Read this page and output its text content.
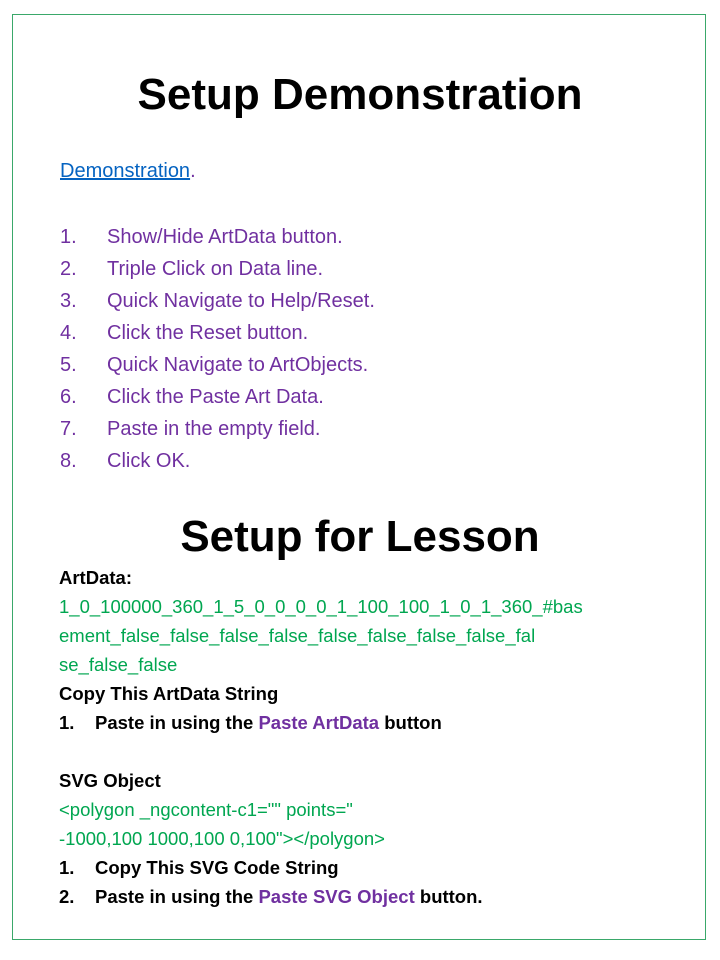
Setup Demonstration
Demonstration.
1. Show/Hide ArtData button.
2. Triple Click on Data line.
3. Quick Navigate to Help/Reset.
4. Click the Reset button.
5. Quick Navigate to ArtObjects.
6. Click the Paste Art Data.
7. Paste in the empty field.
8. Click OK.
Setup for Lesson
ArtData:
1_0_100000_360_1_5_0_0_0_0_1_100_100_1_0_1_360_#bas
ement_false_false_false_false_false_false_false_false_fal
se_false_false
Copy This ArtData String
1. Paste in using the Paste ArtData button
SVG Object
<polygon _ngcontent-c1="" points="
-1000,100 1000,100 0,100"></polygon>
1. Copy This SVG Code String
2. Paste in using the Paste SVG Object button.
